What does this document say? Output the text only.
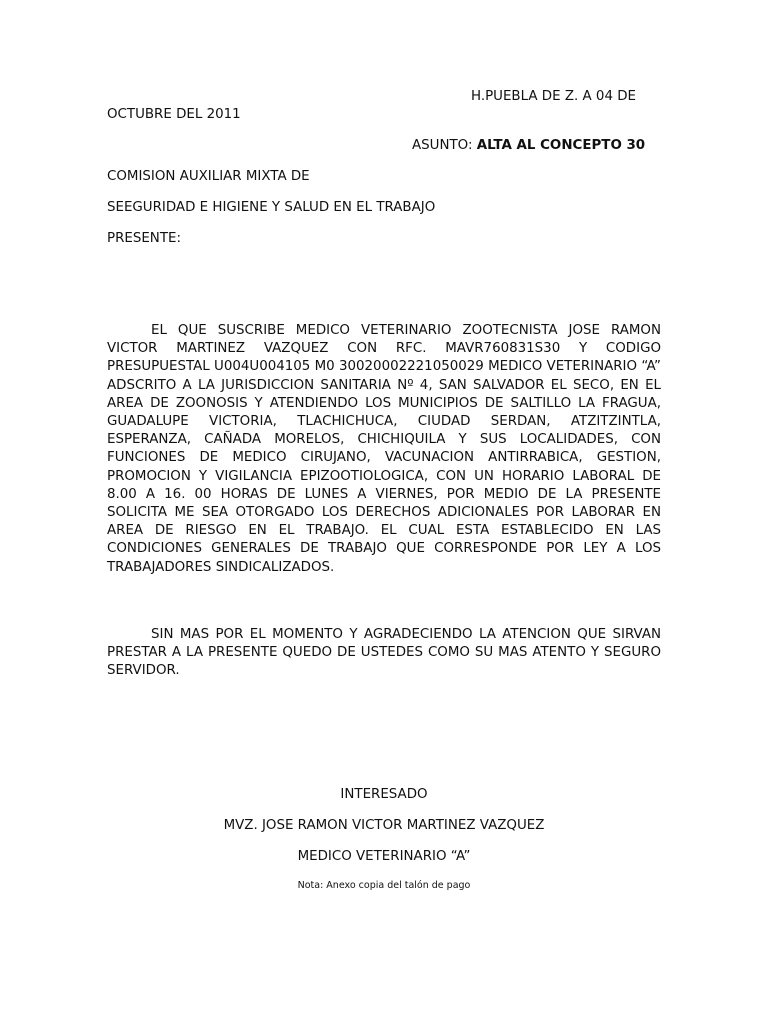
H.PUEBLA DE Z. A 04 DE
OCTUBRE DEL 2011
ASUNTO: ALTA AL CONCEPTO 30
COMISION AUXILIAR MIXTA DE
SEEGURIDAD E HIGIENE Y SALUD EN EL TRABAJO
PRESENTE:
EL QUE SUSCRIBE MEDICO VETERINARIO ZOOTECNISTA JOSE RAMON VICTOR MARTINEZ VAZQUEZ CON RFC. MAVR760831S30 Y CODIGO PRESUPUESTAL U004U004105 M0 30020002221050029 MEDICO VETERINARIO “A” ADSCRITO A LA JURISDICCION SANITARIA Nº 4, SAN SALVADOR EL SECO, EN EL AREA DE ZOONOSIS Y ATENDIENDO LOS MUNICIPIOS DE SALTILLO LA FRAGUA, GUADALUPE VICTORIA, TLACHICHUCA, CIUDAD SERDAN, ATZITZINTLA, ESPERANZA, CAÑADA MORELOS, CHICHIQUILA Y SUS LOCALIDADES, CON FUNCIONES DE MEDICO CIRUJANO, VACUNACION ANTIRRABICA, GESTION, PROMOCION Y VIGILANCIA EPIZOOTIOLOGICA, CON UN HORARIO LABORAL DE 8.00 A 16. 00 HORAS DE LUNES A VIERNES, POR MEDIO DE LA PRESENTE SOLICITA ME SEA OTORGADO LOS DERECHOS ADICIONALES POR LABORAR EN AREA DE RIESGO EN EL TRABAJO. EL CUAL ESTA ESTABLECIDO EN LAS CONDICIONES GENERALES DE TRABAJO QUE CORRESPONDE POR LEY A LOS TRABAJADORES SINDICALIZADOS.
SIN MAS POR EL MOMENTO Y AGRADECIENDO LA ATENCION QUE SIRVAN PRESTAR A LA PRESENTE QUEDO DE USTEDES COMO SU MAS ATENTO Y SEGURO SERVIDOR.
INTERESADO
MVZ. JOSE RAMON VICTOR MARTINEZ VAZQUEZ
MEDICO VETERINARIO “A”
Nota: Anexo copia del talón de pago
